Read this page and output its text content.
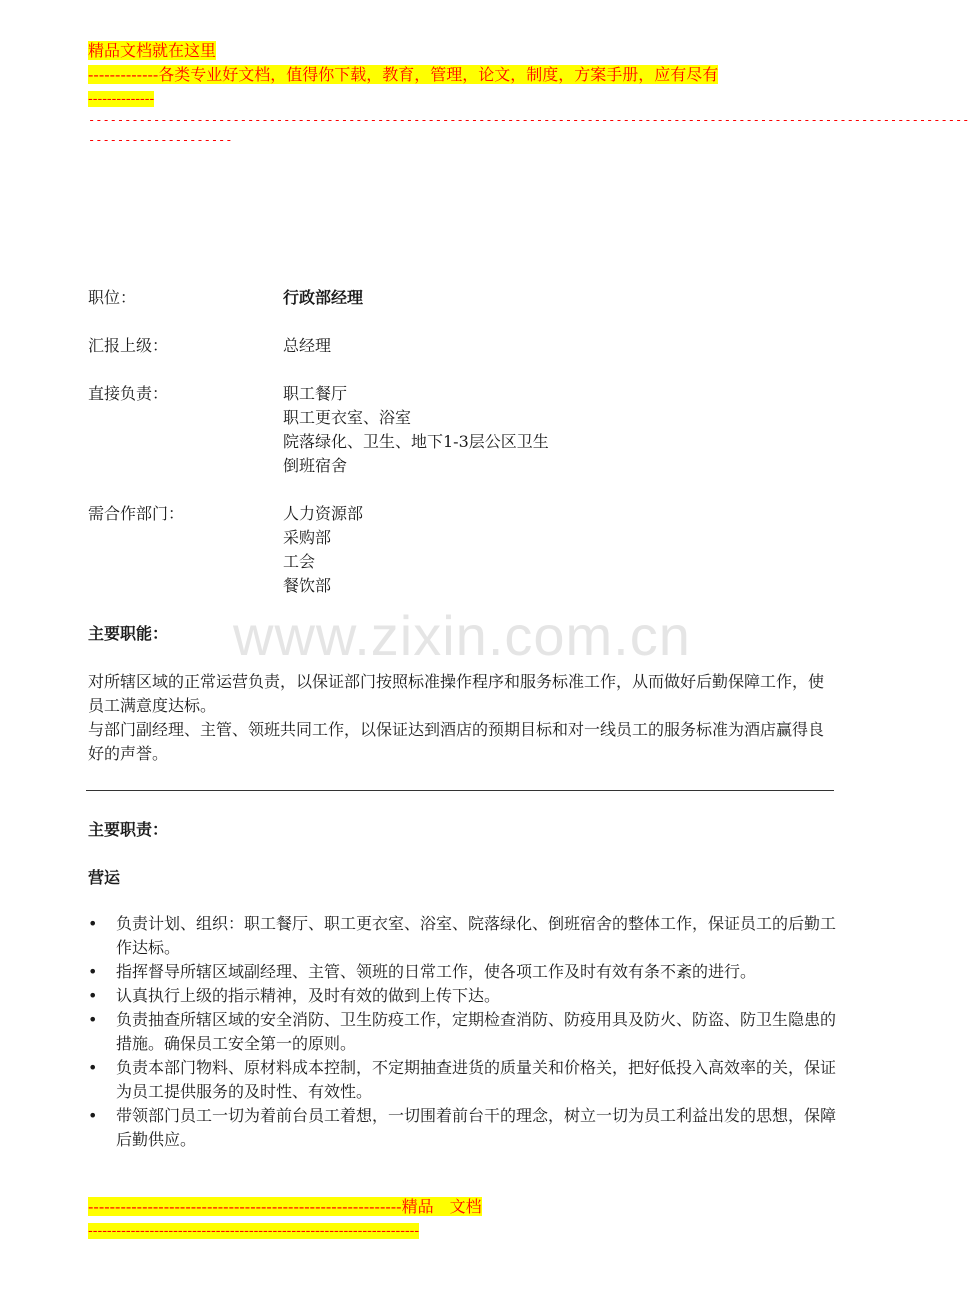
精品文档就在这里
-------------各类专业好文档，值得你下载，教育，管理，论文，制度，方案手册，应有尽有
--------------
--------------------------------------------------------------------------------------------------------------------------
--------------------
职位：	行政部经理
汇报上级：	总经理
直接负责：	职工餐厅
职工更衣室、浴室
院落绿化、卫生、地下1-3层公区卫生
倒班宿舍
需合作部门：	人力资源部
采购部
工会
餐饮部
www.zixin.com.cn
主要职能：

对所辖区域的正常运营负责，以保证部门按照标准操作程序和服务标准工作，从而做好后勤保障工作，使员工满意度达标。

与部门副经理、主管、领班共同工作，以保证达到酒店的预期目标和对一线员工的服务标准为酒店赢得良好的声誉。

主要职责：
营运
• 负责计划、组织：职工餐厅、职工更衣室、浴室、院落绿化、倒班宿舍的整体工作，保证员工的后勤工作达标。
• 指挥督导所辖区域副经理、主管、领班的日常工作，使各项工作及时有效有条不紊的进行。
• 认真执行上级的指示精神，及时有效的做到上传下达。
• 负责抽查所辖区域的安全消防、卫生防疫工作，定期检查消防、防疫用具及防火、防盗、防卫生隐患的措施。确保员工安全第一的原则。
• 负责本部门物料、原材料成本控制，不定期抽查进货的质量关和价格关，把好低投入高效率的关，保证为员工提供服务的及时性、有效性。
• 带领部门员工一切为着前台员工着想，一切围着前台干的理念，树立一切为员工利益出发的思想，保障后勤供应。
----------------------------------------------------------精品　文档
----------------------------------------------------------------------
